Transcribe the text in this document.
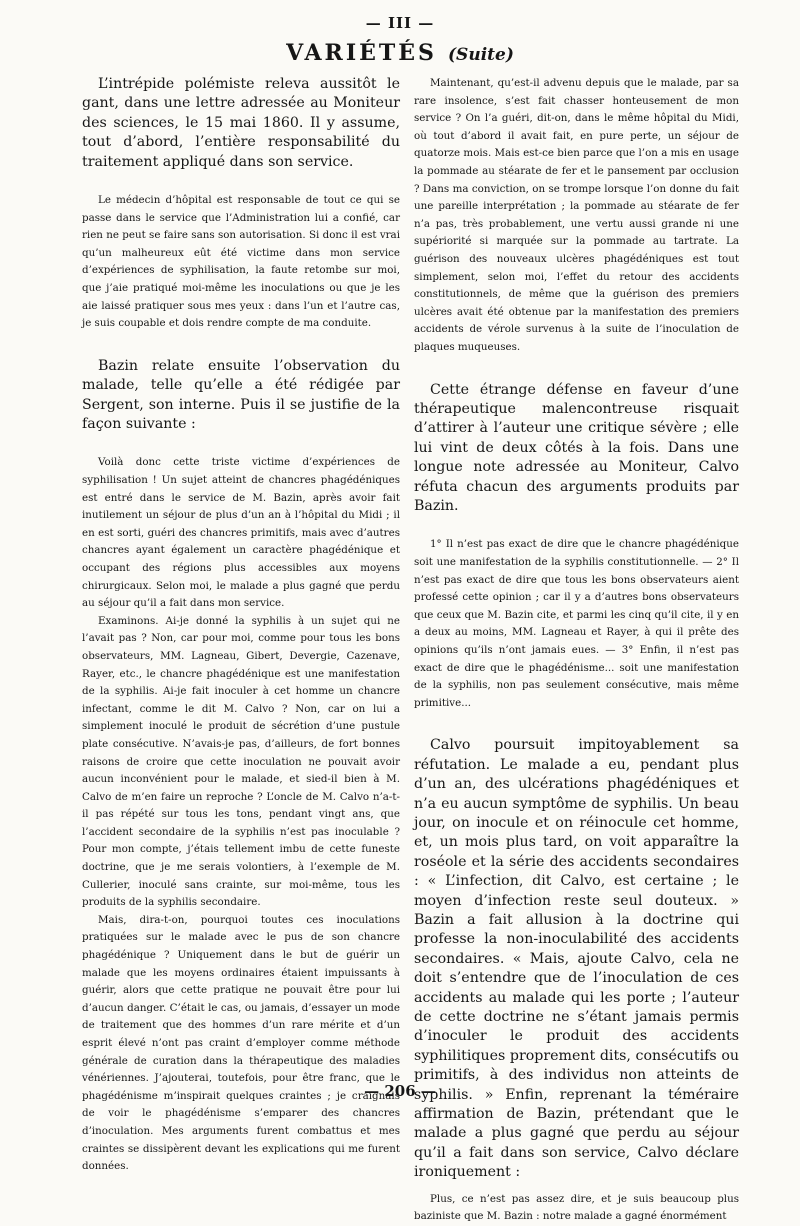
— III —
VARIÉTÉS (Suite)

L’intrépide polémiste releva aussitôt le gant, dans une lettre adressée au Moniteur des sciences, le 15 mai 1860. Il y assume, tout d’abord, l’entière responsabilité du traitement appliqué dans son service.

Le médecin d’hôpital est responsable de tout ce qui se passe dans le service que l’Administration lui a confié, car rien ne peut se faire sans son autorisation. Si donc il est vrai qu’un malheureux eût été victime dans mon service d’expériences de syphilisation, la faute retombe sur moi, que j’aie pratiqué moi-même les inoculations ou que je les aie laissé pratiquer sous mes yeux : dans l’un et l’autre cas, je suis coupable et dois rendre compte de ma conduite.

Bazin relate ensuite l’observation du malade, telle qu’elle a été rédigée par Sergent, son interne. Puis il se justifie de la façon suivante :

Voilà donc cette triste victime d’expériences de syphilisation ! Un sujet atteint de chancres phagédéniques est entré dans le service de M. Bazin, après avoir fait inutilement un séjour de plus d’un an à l’hôpital du Midi ; il en est sorti, guéri des chancres primitifs, mais avec d’autres chancres ayant également un caractère phagédénique et occupant des régions plus accessibles aux moyens chirurgicaux. Selon moi, le malade a plus gagné que perdu au séjour qu’il a fait dans mon service.

Examinons. Ai-je donné la syphilis à un sujet qui ne l’avait pas ? Non, car pour moi, comme pour tous les bons observateurs, MM. Lagneau, Gibert, Devergie, Cazenave, Rayer, etc., le chancre phagédénique est une manifestation de la syphilis. Ai-je fait inoculer à cet homme un chancre infectant, comme le dit M. Calvo ? Non, car on lui a simplement inoculé le produit de sécrétion d’une pustule plate consécutive. N’avais-je pas, d’ailleurs, de fort bonnes raisons de croire que cette inoculation ne pouvait avoir aucun inconvénient pour le malade, et sied-il bien à M. Calvo de m’en faire un reproche ? L’oncle de M. Calvo n’a-t-il pas répété sur tous les tons, pendant vingt ans, que l’accident secondaire de la syphilis n’est pas inoculable ? Pour mon compte, j’étais tellement imbu de cette funeste doctrine, que je me serais volontiers, à l’exemple de M. Cullerier, inoculé sans crainte, sur moi-même, tous les produits de la syphilis secondaire.

Mais, dira-t-on, pourquoi toutes ces inoculations pratiquées sur le malade avec le pus de son chancre phagédénique ? Uniquement dans le but de guérir un malade que les moyens ordinaires étaient impuissants à guérir, alors que cette pratique ne pouvait être pour lui d’aucun danger. C’était le cas, ou jamais, d’essayer un mode de traitement que des hommes d’un rare mérite et d’un esprit élevé n’ont pas craint d’employer comme méthode générale de curation dans la thérapeutique des maladies vénériennes. J’ajouterai, toutefois, pour être franc, que le phagédénisme m’inspirait quelques craintes ; je craignais de voir le phagédénisme s’emparer des chancres d’inoculation. Mes arguments furent combattus et mes craintes se dissipèrent devant les explications qui me furent données.

Maintenant, qu’est-il advenu depuis que le malade, par sa rare insolence, s’est fait chasser honteusement de mon service ? On l’a guéri, dit-on, dans le même hôpital du Midi, où tout d’abord il avait fait, en pure perte, un séjour de quatorze mois. Mais est-ce bien parce que l’on a mis en usage la pommade au stéarate de fer et le pansement par occlusion ? Dans ma conviction, on se trompe lorsque l’on donne du fait une pareille interprétation ; la pommade au stéarate de fer n’a pas, très probablement, une vertu aussi grande ni une supériorité si marquée sur la pommade au tartrate. La guérison des nouveaux ulcères phagédéniques est tout simplement, selon moi, l’effet du retour des accidents constitutionnels, de même que la guérison des premiers ulcères avait été obtenue par la manifestation des premiers accidents de vérole survenus à la suite de l’inoculation de plaques muqueuses.

Cette étrange défense en faveur d’une thérapeutique malencontreuse risquait d’attirer à l’auteur une critique sévère ; elle lui vint de deux côtés à la fois. Dans une longue note adressée au Moniteur, Calvo réfuta chacun des arguments produits par Bazin.

1° Il n’est pas exact de dire que le chancre phagédénique soit une manifestation de la syphilis constitutionnelle. — 2° Il n’est pas exact de dire que tous les bons observateurs aient professé cette opinion ; car il y a d’autres bons observateurs que ceux que M. Bazin cite, et parmi les cinq qu’il cite, il y en a deux au moins, MM. Lagneau et Rayer, à qui il prête des opinions qu’ils n’ont jamais eues. — 3° Enfin, il n’est pas exact de dire que le phagédénisme... soit une manifestation de la syphilis, non pas seulement consécutive, mais même primitive...

Calvo poursuit impitoyablement sa réfutation. Le malade a eu, pendant plus d’un an, des ulcérations phagédéniques et n’a eu aucun symptôme de syphilis. Un beau jour, on inocule et on réinocule cet homme, et, un mois plus tard, on voit apparaître la roséole et la série des accidents secondaires : « L’infection, dit Calvo, est certaine ; le moyen d’infection reste seul douteux. » Bazin a fait allusion à la doctrine qui professe la non-inoculabilité des accidents secondaires. « Mais, ajoute Calvo, cela ne doit s’entendre que de l’inoculation de ces accidents au malade qui les porte ; l’auteur de cette doctrine ne s’étant jamais permis d’inoculer le produit des accidents syphilitiques proprement dits, consécutifs ou primitifs, à des individus non atteints de syphilis. » Enfin, reprenant la téméraire affirmation de Bazin, prétendant que le malade a plus gagné que perdu au séjour qu’il a fait dans son service, Calvo déclare ironiquement :

Plus, ce n’est pas assez dire, et je suis beaucoup plus baziniste que M. Bazin : notre malade a gagné énormément

— 206 —
